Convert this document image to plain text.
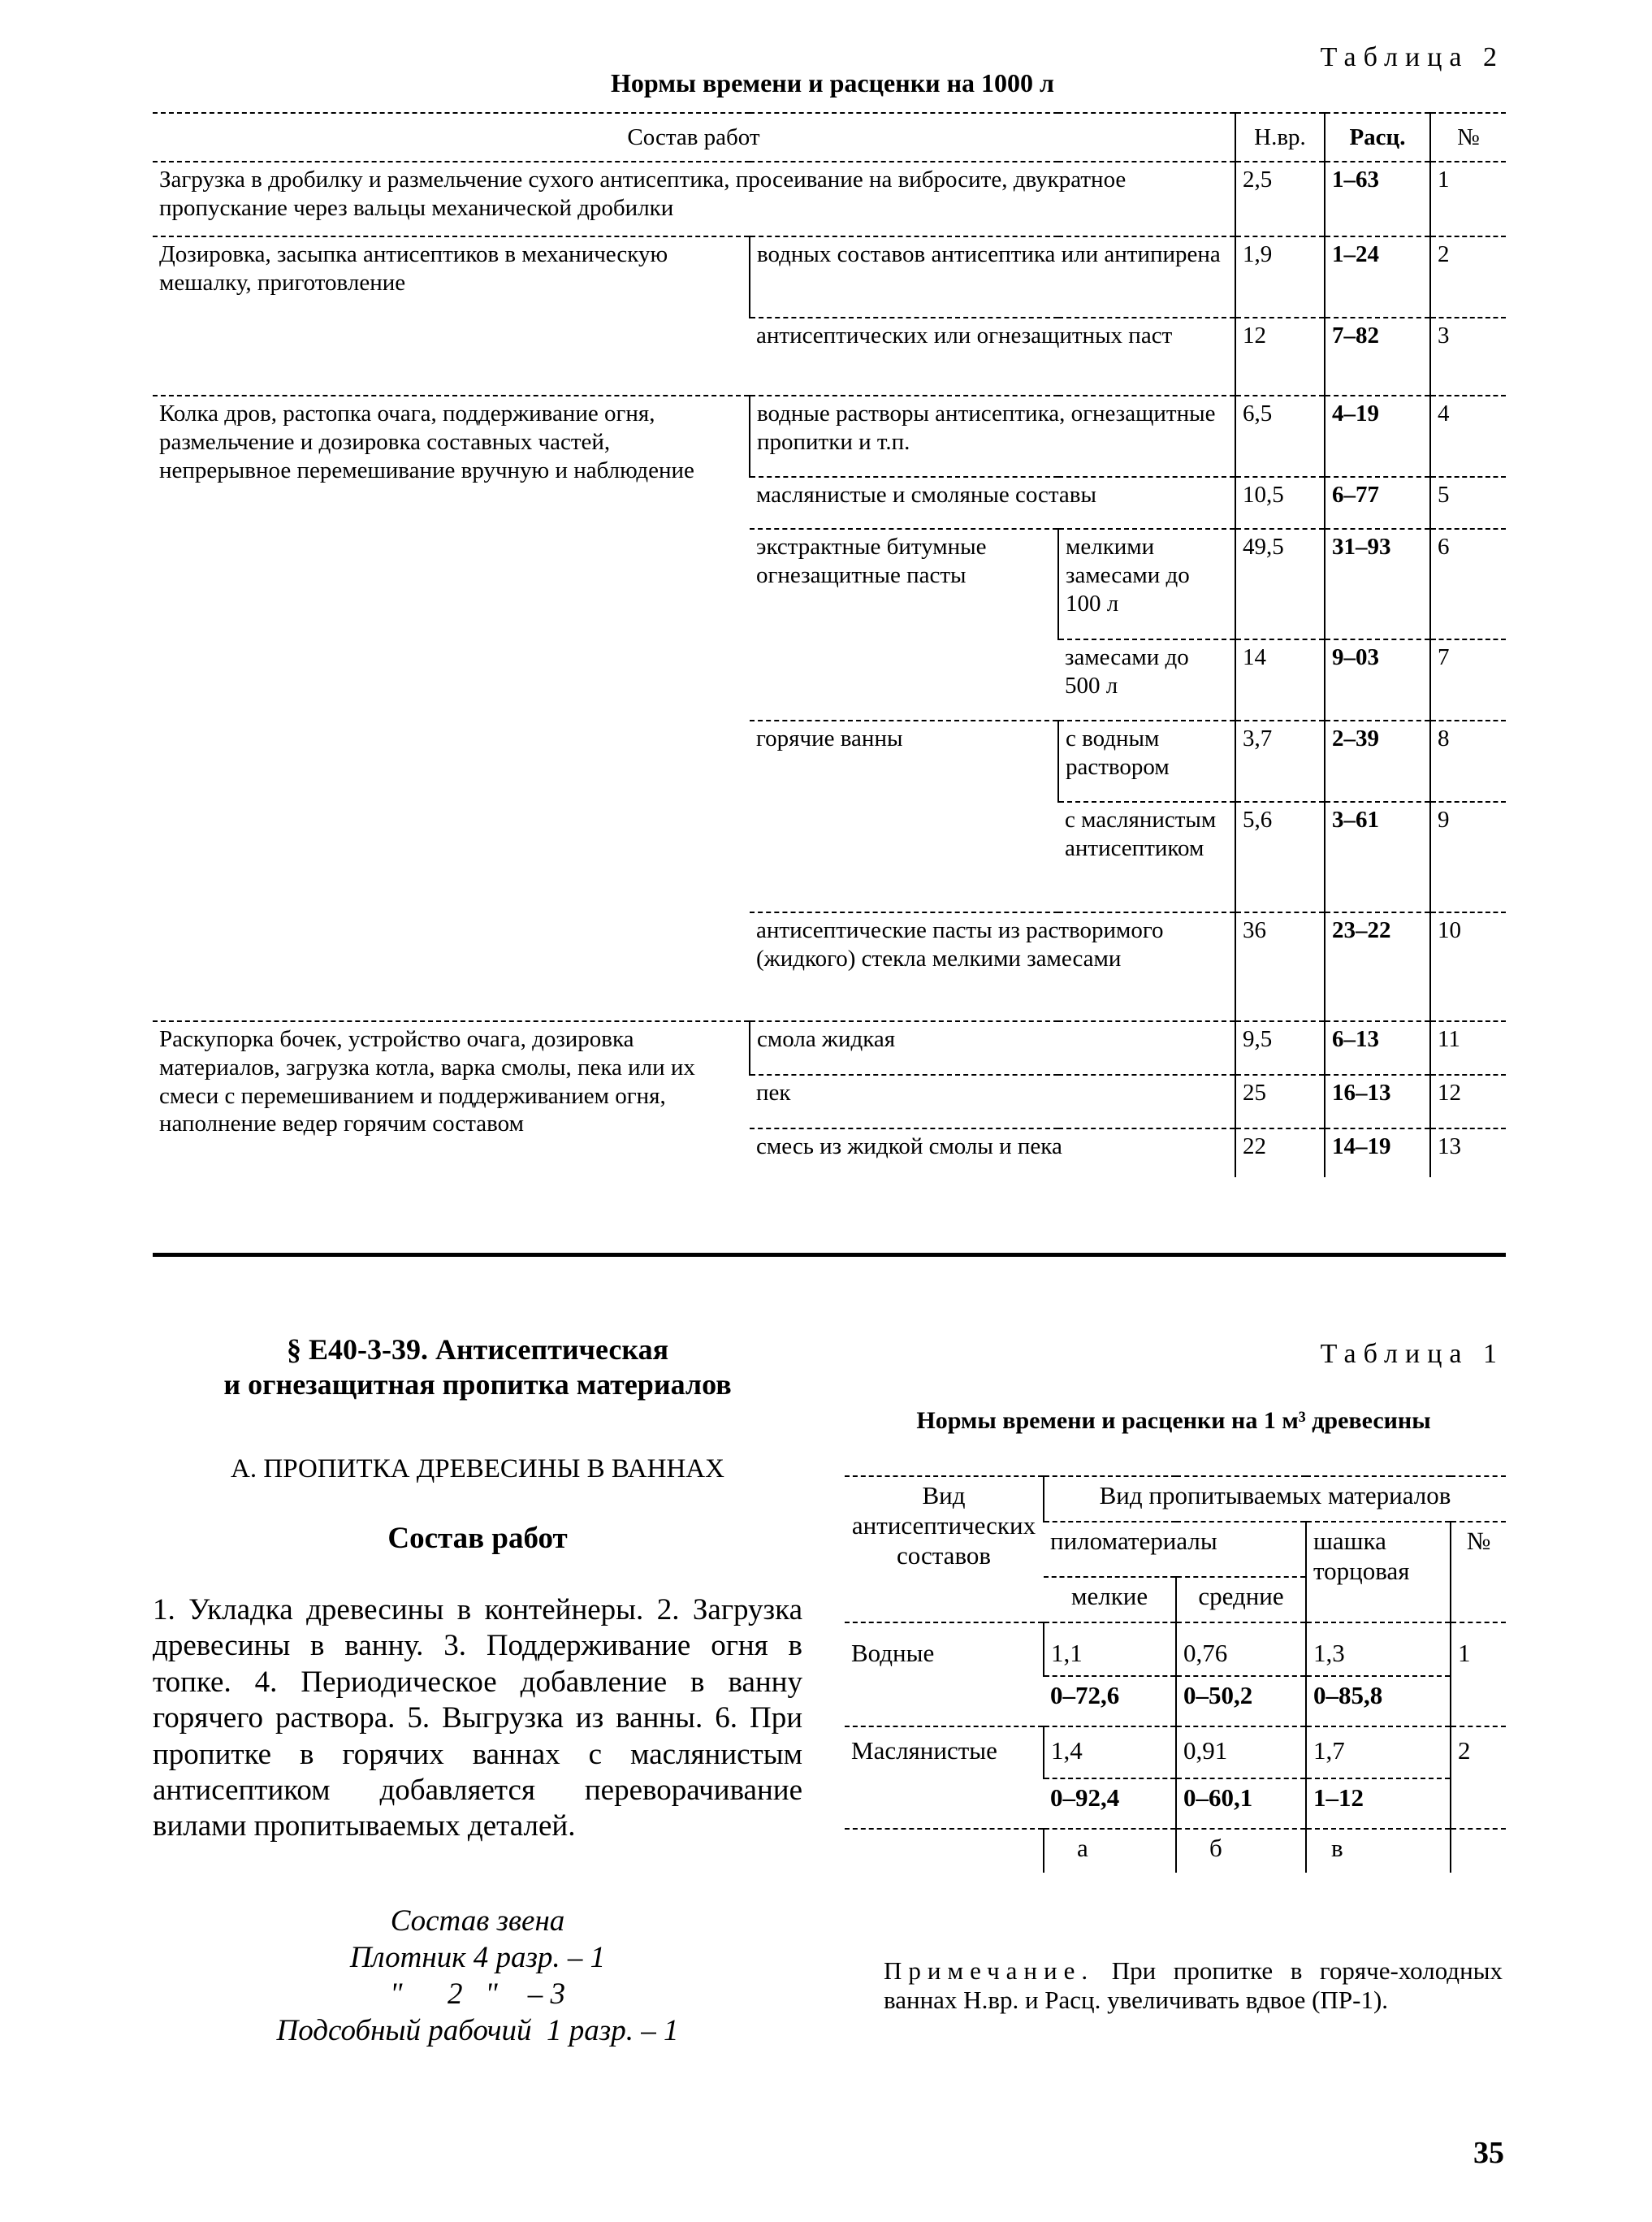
Таблица 2
Нормы времени и расценки на 1000 л
Состав работ			Н.вр.	Расц.	№
Загрузка в дробилку и размельчение сухого антисептика, просеивание на вибросите, двукратное пропускание через вальцы механической дробилки			2,5	1–63	1
Дозировка, засыпка антисептиков в механическую мешалку, приготовление	водных составов антисептика или антипирена		1,9	1–24	2
	антисептических или огнезащитных паст		12	7–82	3
Колка дров, растопка очага, поддерживание огня, размельчение и дозировка составных частей, непрерывное перемешивание вручную и наблюдение	водные растворы антисептика, огнезащитные пропитки и т.п.		6,5	4–19	4
	маслянистые и смоляные составы		10,5	6–77	5
	экстрактные битумные огнезащитные пасты	мелкими замесами до 100 л	49,5	31–93	6
		замесами до 500 л	14	9–03	7
	горячие ванны	с водным раствором	3,7	2–39	8
		с маслянистым антисептиком	5,6	3–61	9
	антисептические пасты из растворимого (жидкого) стекла мелкими замесами		36	23–22	10
Раскупорка бочек, устройство очага, дозировка материалов, загрузка котла, варка смолы, пека или их смеси с перемешиванием и поддерживанием огня, наполнение ведер горячим составом	смола жидкая		9,5	6–13	11
	пек		25	16–13	12
	смесь из жидкой смолы и пека		22	14–19	13
§ Е40-3-39. Антисептическая
и огнезащитная пропитка материалов
А. ПРОПИТКА ДРЕВЕСИНЫ В ВАННАХ
Состав работ
1. Укладка древесины в контейнеры. 2. Загрузка древесины в ванну. 3. Поддерживание огня в топке. 4. Периодическое добавление в ванну горячего раствора. 5. Выгрузка из ванны. 6. При пропитке в горячих ваннах с маслянистым антисептиком добавляется переворачивание вилами пропитываемых деталей.
Состав звена
Плотник 4 разр. – 1
"      2   "    – 3
Подсобный рабочий  1 разр. – 1
Таблица 1
Нормы времени и расценки на 1 м³ древесины
Вид антисептических составов	Вид пропитываемых материалов			
	пиломатериалы		шашка торцовая	№
	мелкие	средние		
Водные	1,1	0,76	1,3	1
	0–72,6	0–50,2	0–85,8	
Маслянистые	1,4	0,91	1,7	2
	0–92,4	0–60,1	1–12	
	а	б	в	
Примечание. При пропитке в горяче-холодных ваннах Н.вр. и Расц. увеличивать вдвое (ПР-1).
35
